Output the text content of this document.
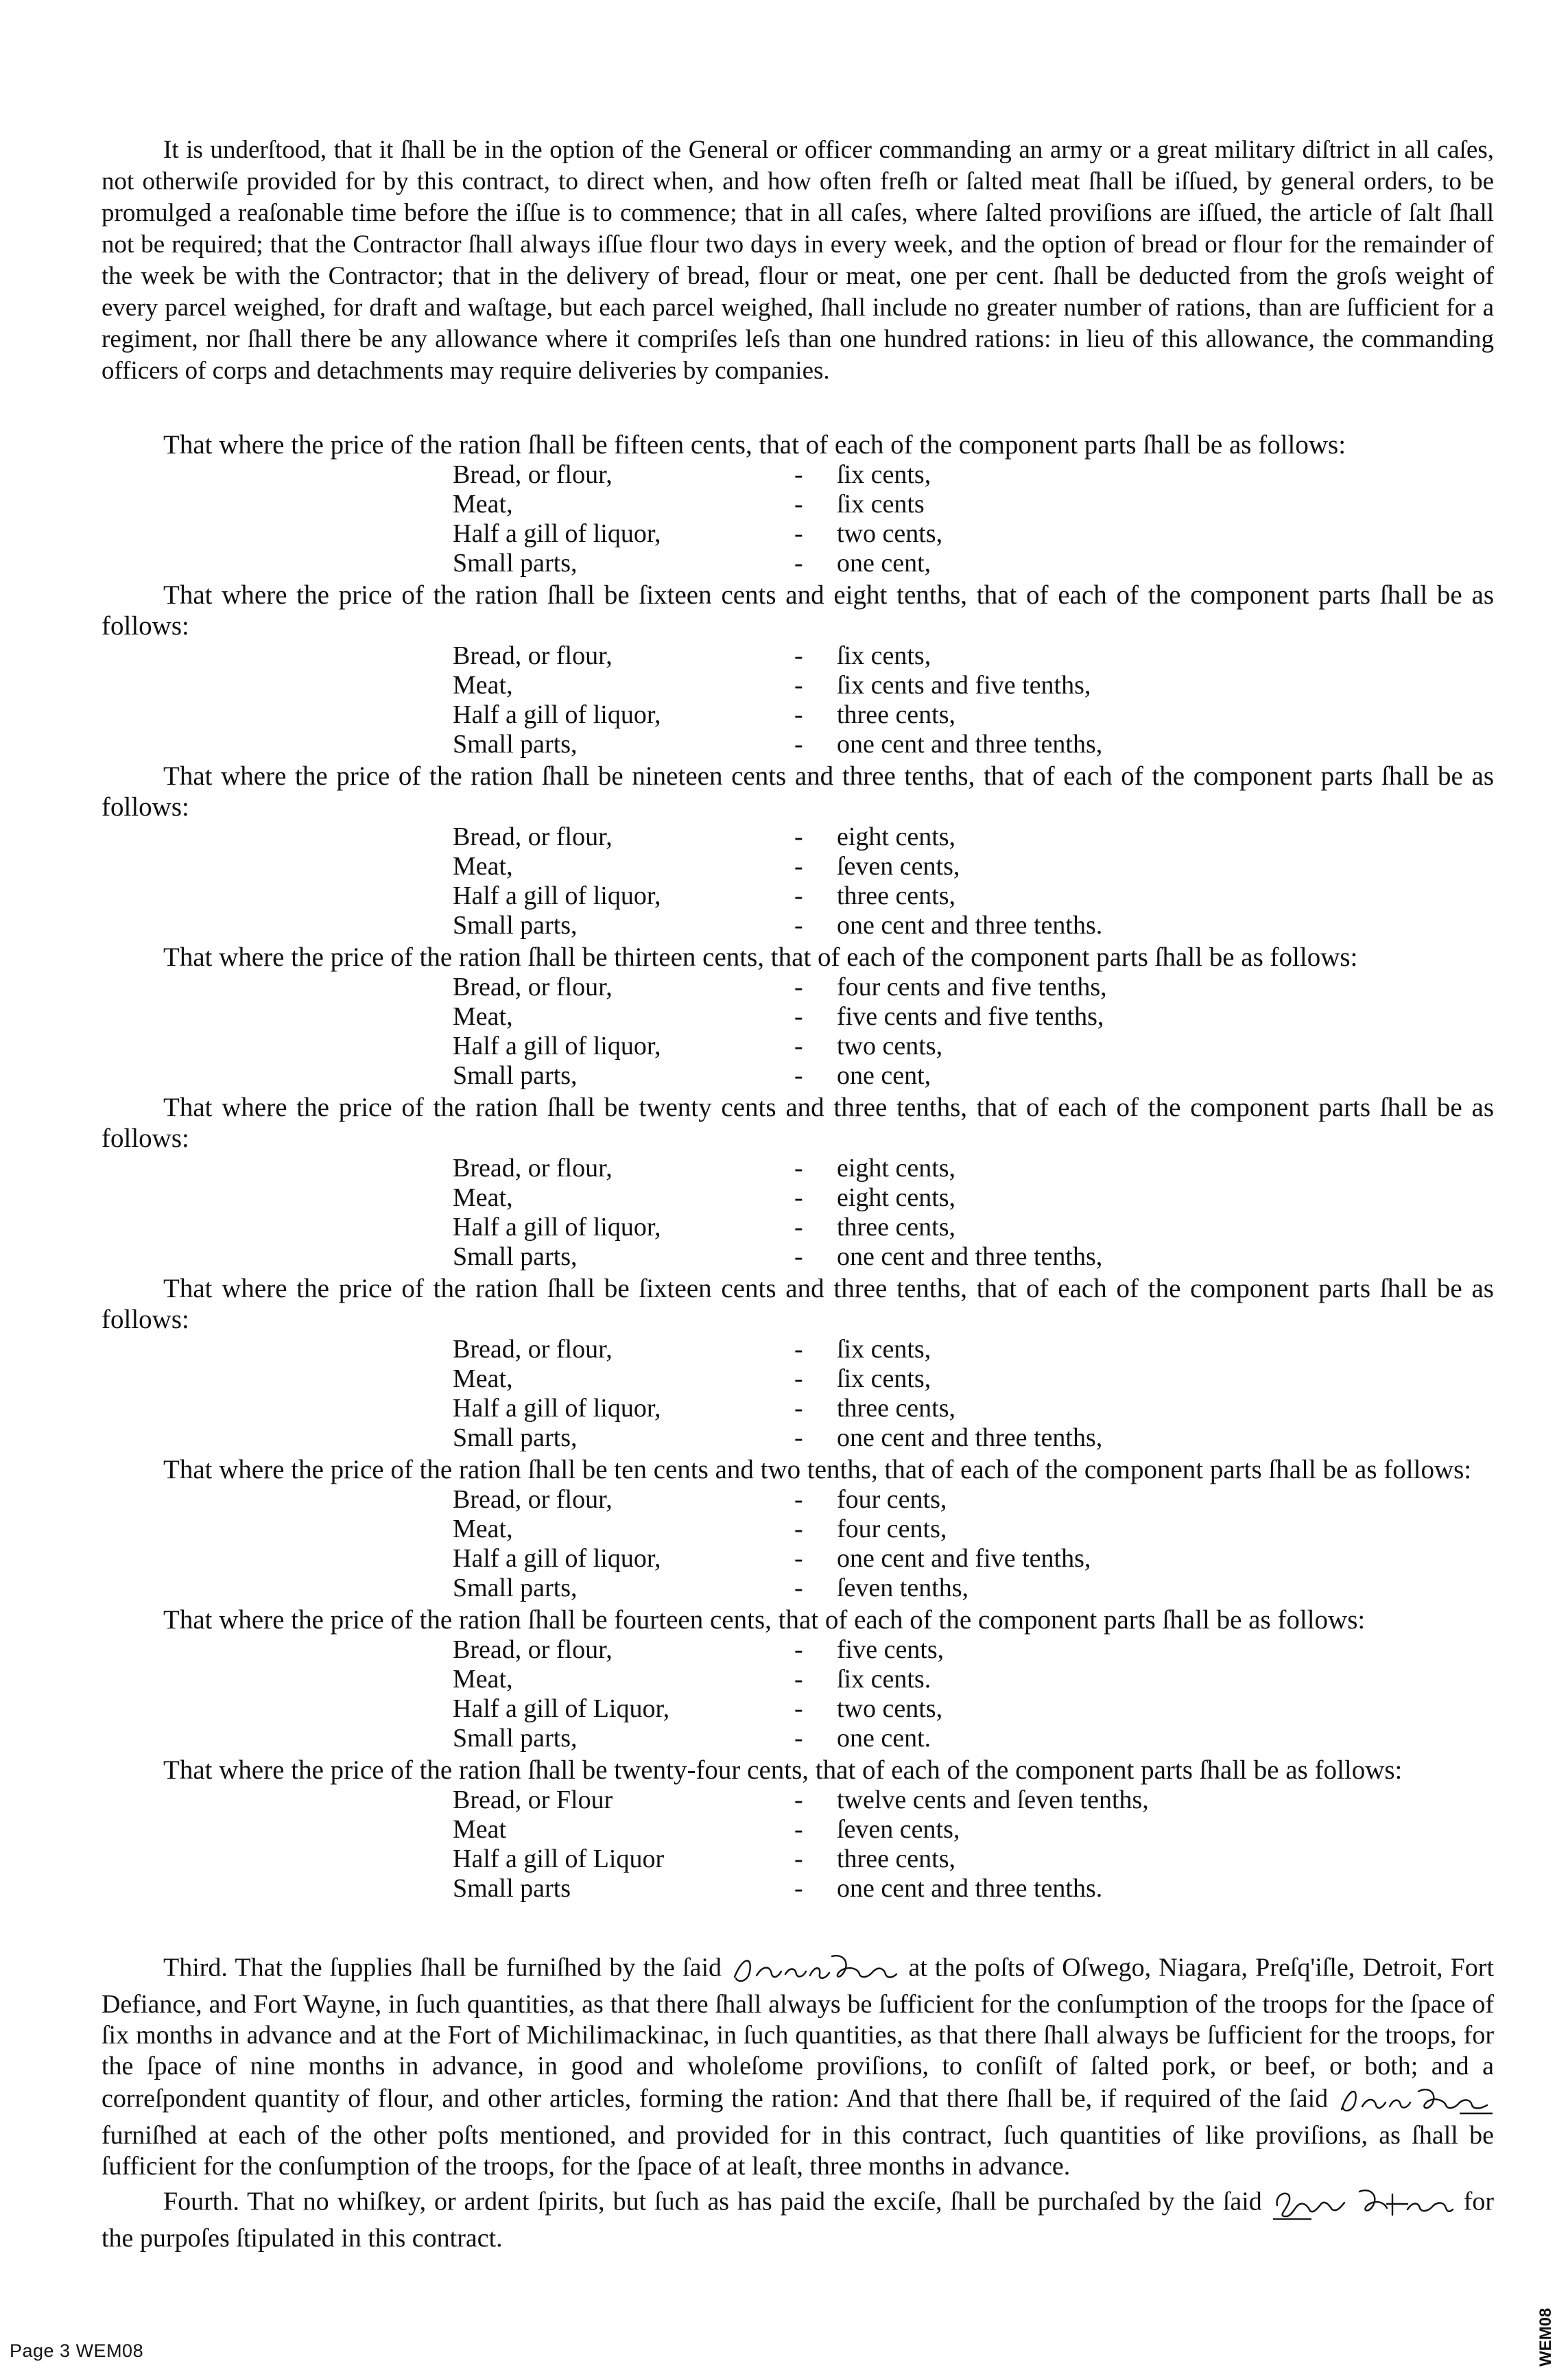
It is underſtood, that it ſhall be in the option of the General or officer commanding an army or a great military diſtrict in all caſes, not otherwiſe provided for by this contract, to direct when, and how often freſh or ſalted meat ſhall be iſſued, by general orders, to be promulged a reaſonable time before the iſſue is to commence; that in all caſes, where ſalted proviſions are iſſued, the article of ſalt ſhall not be required; that the Contractor ſhall always iſſue flour two days in every week, and the option of bread or flour for the remainder of the week be with the Contractor; that in the delivery of bread, flour or meat, one per cent. ſhall be deducted from the groſs weight of every parcel weighed, for draft and waſtage, but each parcel weighed, ſhall include no greater number of rations, than are ſufficient for a regiment, nor ſhall there be any allowance where it compriſes leſs than one hundred rations: in lieu of this allowance, the commanding officers of corps and detachments may require deliveries by companies.

That where the price of the ration ſhall be fifteen cents, that of each of the component parts ſhall be as follows:

Bread, or flour,	- ſix cents,
Meat,	- ſix cents
Half a gill of liquor,	- two cents,
Small parts,	- one cent,

That where the price of the ration ſhall be ſixteen cents and eight tenths, that of each of the component parts ſhall be as follows:

Bread, or flour,	- ſix cents,
Meat,	- ſix cents and five tenths,
Half a gill of liquor,	- three cents,
Small parts,	- one cent and three tenths,

That where the price of the ration ſhall be nineteen cents and three tenths, that of each of the component parts ſhall be as follows:

Bread, or flour,	- eight cents,
Meat,	- ſeven cents,
Half a gill of liquor,	- three cents,
Small parts,	- one cent and three tenths.

That where the price of the ration ſhall be thirteen cents, that of each of the component parts ſhall be as follows:

Bread, or flour,	- four cents and five tenths,
Meat,	- five cents and five tenths,
Half a gill of liquor,	- two cents,
Small parts,	- one cent,

That where the price of the ration ſhall be twenty cents and three tenths, that of each of the component parts ſhall be as follows:

Bread, or flour,	- eight cents,
Meat,	- eight cents,
Half a gill of liquor,	- three cents,
Small parts,	- one cent and three tenths,

That where the price of the ration ſhall be ſixteen cents and three tenths, that of each of the component parts ſhall be as follows:

Bread, or flour,	- ſix cents,
Meat,	- ſix cents,
Half a gill of liquor,	- three cents,
Small parts,	- one cent and three tenths,

That where the price of the ration ſhall be ten cents and two tenths, that of each of the component parts ſhall be as follows:

Bread, or flour,	- four cents,
Meat,	- four cents,
Half a gill of liquor,	- one cent and five tenths,
Small parts,	- ſeven tenths,

That where the price of the ration ſhall be fourteen cents, that of each of the component parts ſhall be as follows:

Bread, or flour,	- five cents,
Meat,	- ſix cents.
Half a gill of Liquor,	- two cents,
Small parts,	- one cent.

That where the price of the ration ſhall be twenty-four cents, that of each of the component parts ſhall be as follows:

Bread, or Flour	- twelve cents and ſeven tenths,
Meat	- ſeven cents,
Half a gill of Liquor	- three cents,
Small parts	- one cent and three tenths.

Third. That the ſupplies ſhall be furniſhed by the ſaid	at the poſts of Oſwego, Niagara, Preſq'iſle, Detroit, Fort Defiance, and Fort Wayne, in ſuch quantities, as that there ſhall always be ſufficient for the conſumption of the troops for the ſpace of ſix months in advance and at the Fort of Michilimackinac, in ſuch quantities, as that there ſhall always be ſufficient for the troops, for the ſpace of nine months in advance, in good and wholeſome proviſions, to conſiſt of ſalted pork, or beef, or both; and a correſpondent quantity of flour, and other articles, forming the ration: And that there ſhall be, if required of the ſaid  furniſhed at each of the other poſts mentioned, and provided for in this contract, ſuch quantities of like proviſions, as ſhall be ſufficient for the conſumption of the troops, for the ſpace of at leaſt, three months in advance.

Fourth. That no whiſkey, or ardent ſpirits, but ſuch as has paid the exciſe, ſhall be purchaſed by the ſaid	for the purpoſes ſtipulated in this contract.

Page 3 WEM08	WEM08
